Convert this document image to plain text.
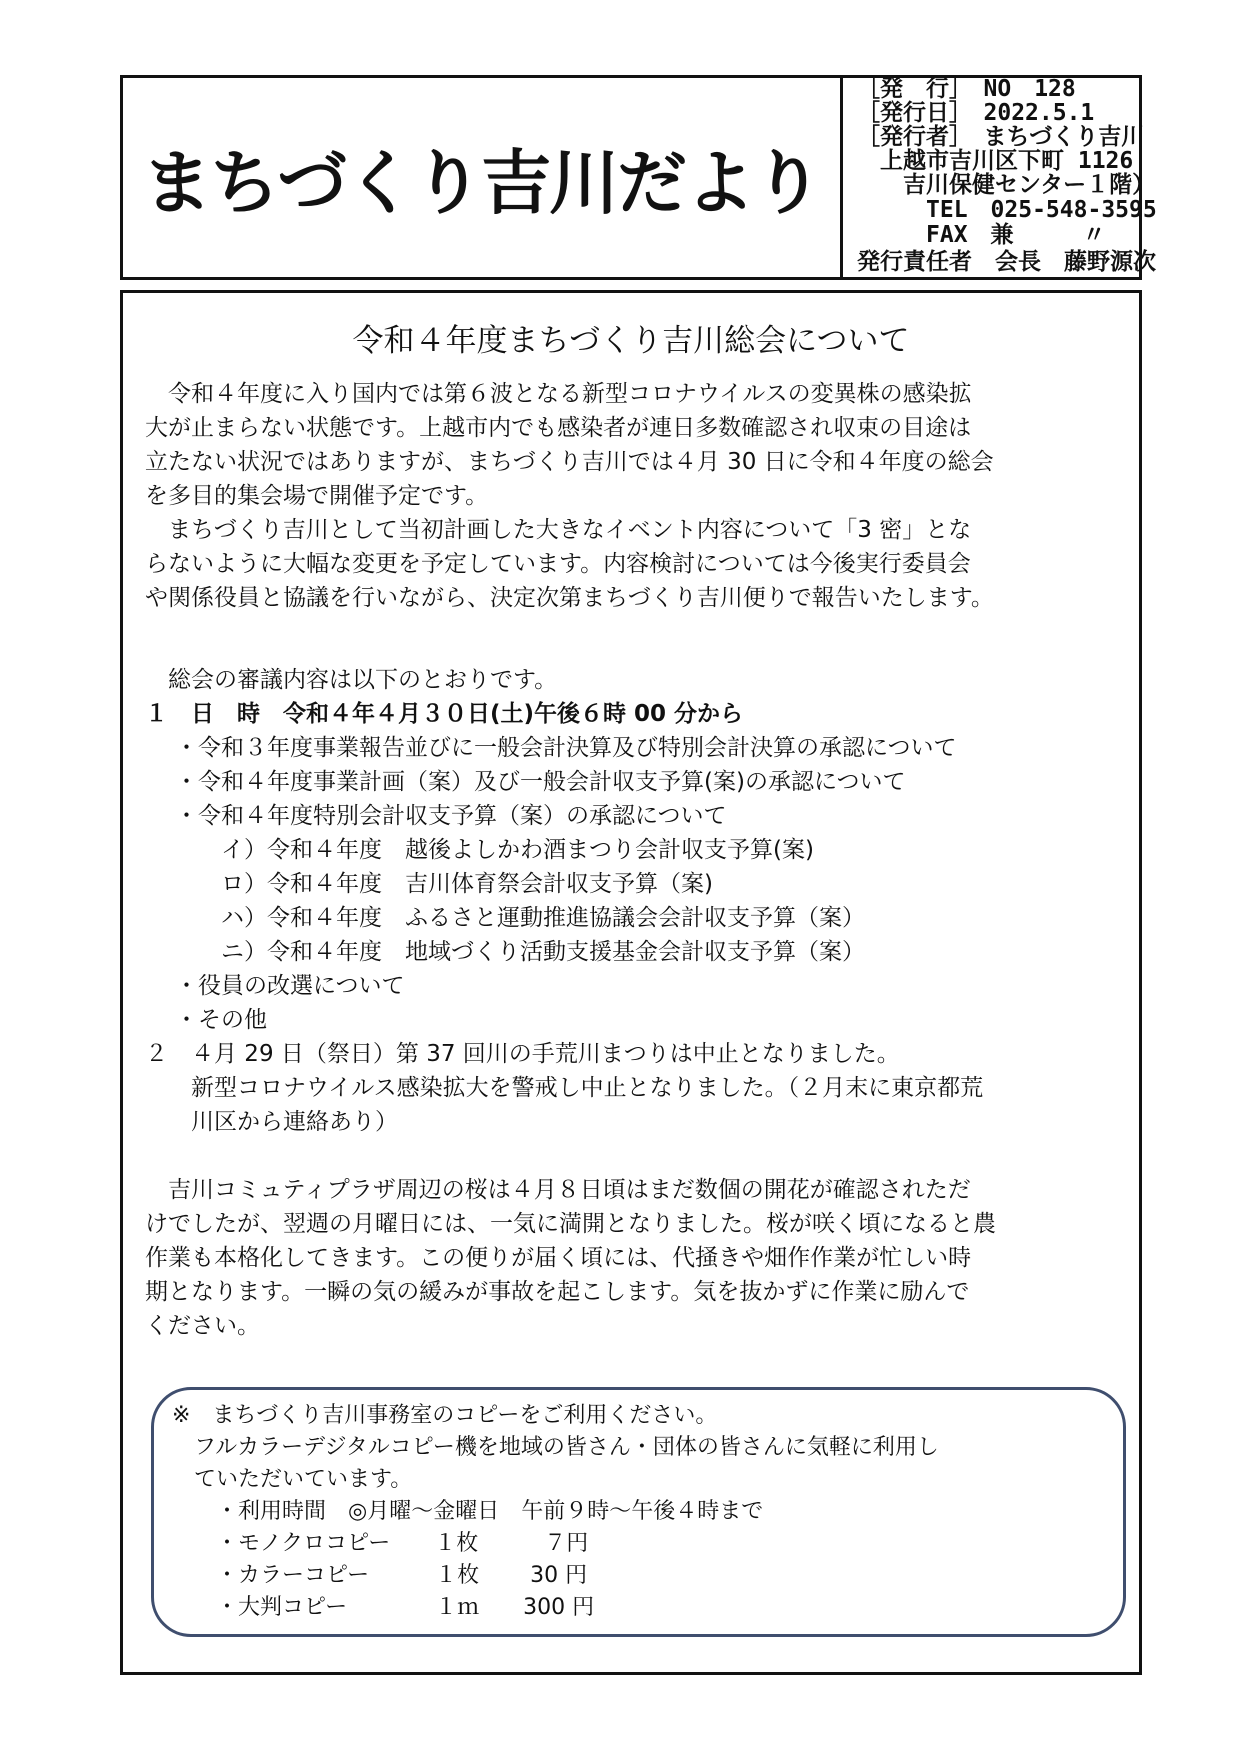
まちづくり吉川だより
［発　行］　NO　128
［発行日］　2022.5.1
［発行者］　まちづくり吉川
　上越市吉川区下町 1126
　　吉川保健センター１階）
　　　TEL　025-548-3595
　　　FAX　兼　　　〃
発行責任者　会長　藤野源次
令和４年度まちづくり吉川総会について
　令和４年度に入り国内では第６波となる新型コロナウイルスの変異株の感染拡
大が止まらない状態です。上越市内でも感染者が連日多数確認され収束の目途は
立たない状況ではありますが、まちづくり吉川では４月 30 日に令和４年度の総会
を多目的集会場で開催予定です。
　まちづくり吉川として当初計画した大きなイベント内容について「3 密」とな
らないように大幅な変更を予定しています。内容検討については今後実行委員会
や関係役員と協議を行いながら、決定次第まちづくり吉川便りで報告いたします。
　総会の審議内容は以下のとおりです。
１　日　時　令和４年４月３０日(土)午後６時 00 分から
・令和３年度事業報告並びに一般会計決算及び特別会計決算の承認について
・令和４年度事業計画（案）及び一般会計収支予算(案)の承認について
・令和４年度特別会計収支予算（案）の承認について
　　イ）令和４年度　越後よしかわ酒まつり会計収支予算(案)
　　ロ）令和４年度　吉川体育祭会計収支予算（案)
　　ハ）令和４年度　ふるさと運動推進協議会会計収支予算（案）
　　ニ）令和４年度　地域づくり活動支援基金会計収支予算（案）
・役員の改選について
・その他
２　４月 29 日（祭日）第 37 回川の手荒川まつりは中止となりました。
　　新型コロナウイルス感染拡大を警戒し中止となりました。（２月末に東京都荒
　　川区から連絡あり）
　吉川コミュティプラザ周辺の桜は４月８日頃はまだ数個の開花が確認されただ
けでしたが、翌週の月曜日には、一気に満開となりました。桜が咲く頃になると農
作業も本格化してきます。この便りが届く頃には、代掻きや畑作作業が忙しい時
期となります。一瞬の気の緩みが事故を起こします。気を抜かずに作業に励んで
ください。
※　まちづくり吉川事務室のコピーをご利用ください。
　フルカラーデジタルコピー機を地域の皆さん・団体の皆さんに気軽に利用し
　ていただいています。
　　・利用時間　◎月曜～金曜日　午前９時～午後４時まで
　　・モノクロコピー　　１枚　　　７円
　　・カラーコピー　　　１枚　　 30 円
　　・大判コピー　　　　１ｍ　　300 円
